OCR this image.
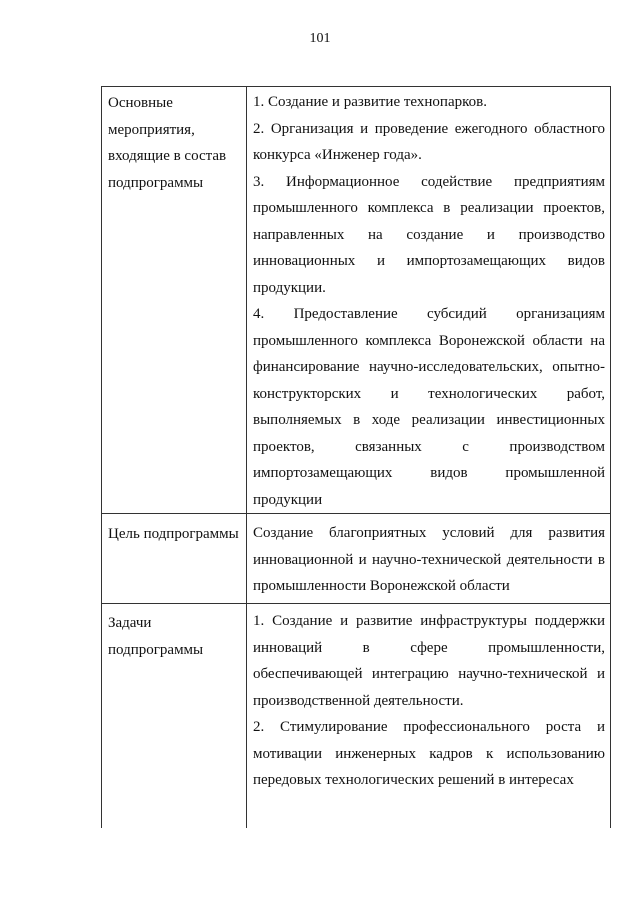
101

Основные мероприятия, входящие в состав подпрограммы	1. Создание и развитие технопарков.

2. Организация и проведение ежегодного областного конкурса «Инженер года».

3. Информационное содействие предприятиям промышленного комплекса в реализации проектов, направленных на создание и производство инновационных и импортозамещающих видов продукции.

4. Предоставление субсидий организациям промышленного комплекса Воронежской области на финансирование научно-исследовательских, опытно-конструкторских и технологических работ, выполняемых в ходе реализации инвестиционных проектов, связанных с производством импортозамещающих видов промышленной продукции

Цель подпрограммы	Создание благоприятных условий для развития инновационной и научно-технической деятельности в промышленности Воронежской области

Задачи подпрограммы	1. Создание и развитие инфраструктуры поддержки инноваций в сфере промышленности, обеспечивающей интеграцию научно-технической и производственной деятельности.

2. Стимулирование профессионального роста и мотивации инженерных кадров к использованию передовых технологических решений в интересах
